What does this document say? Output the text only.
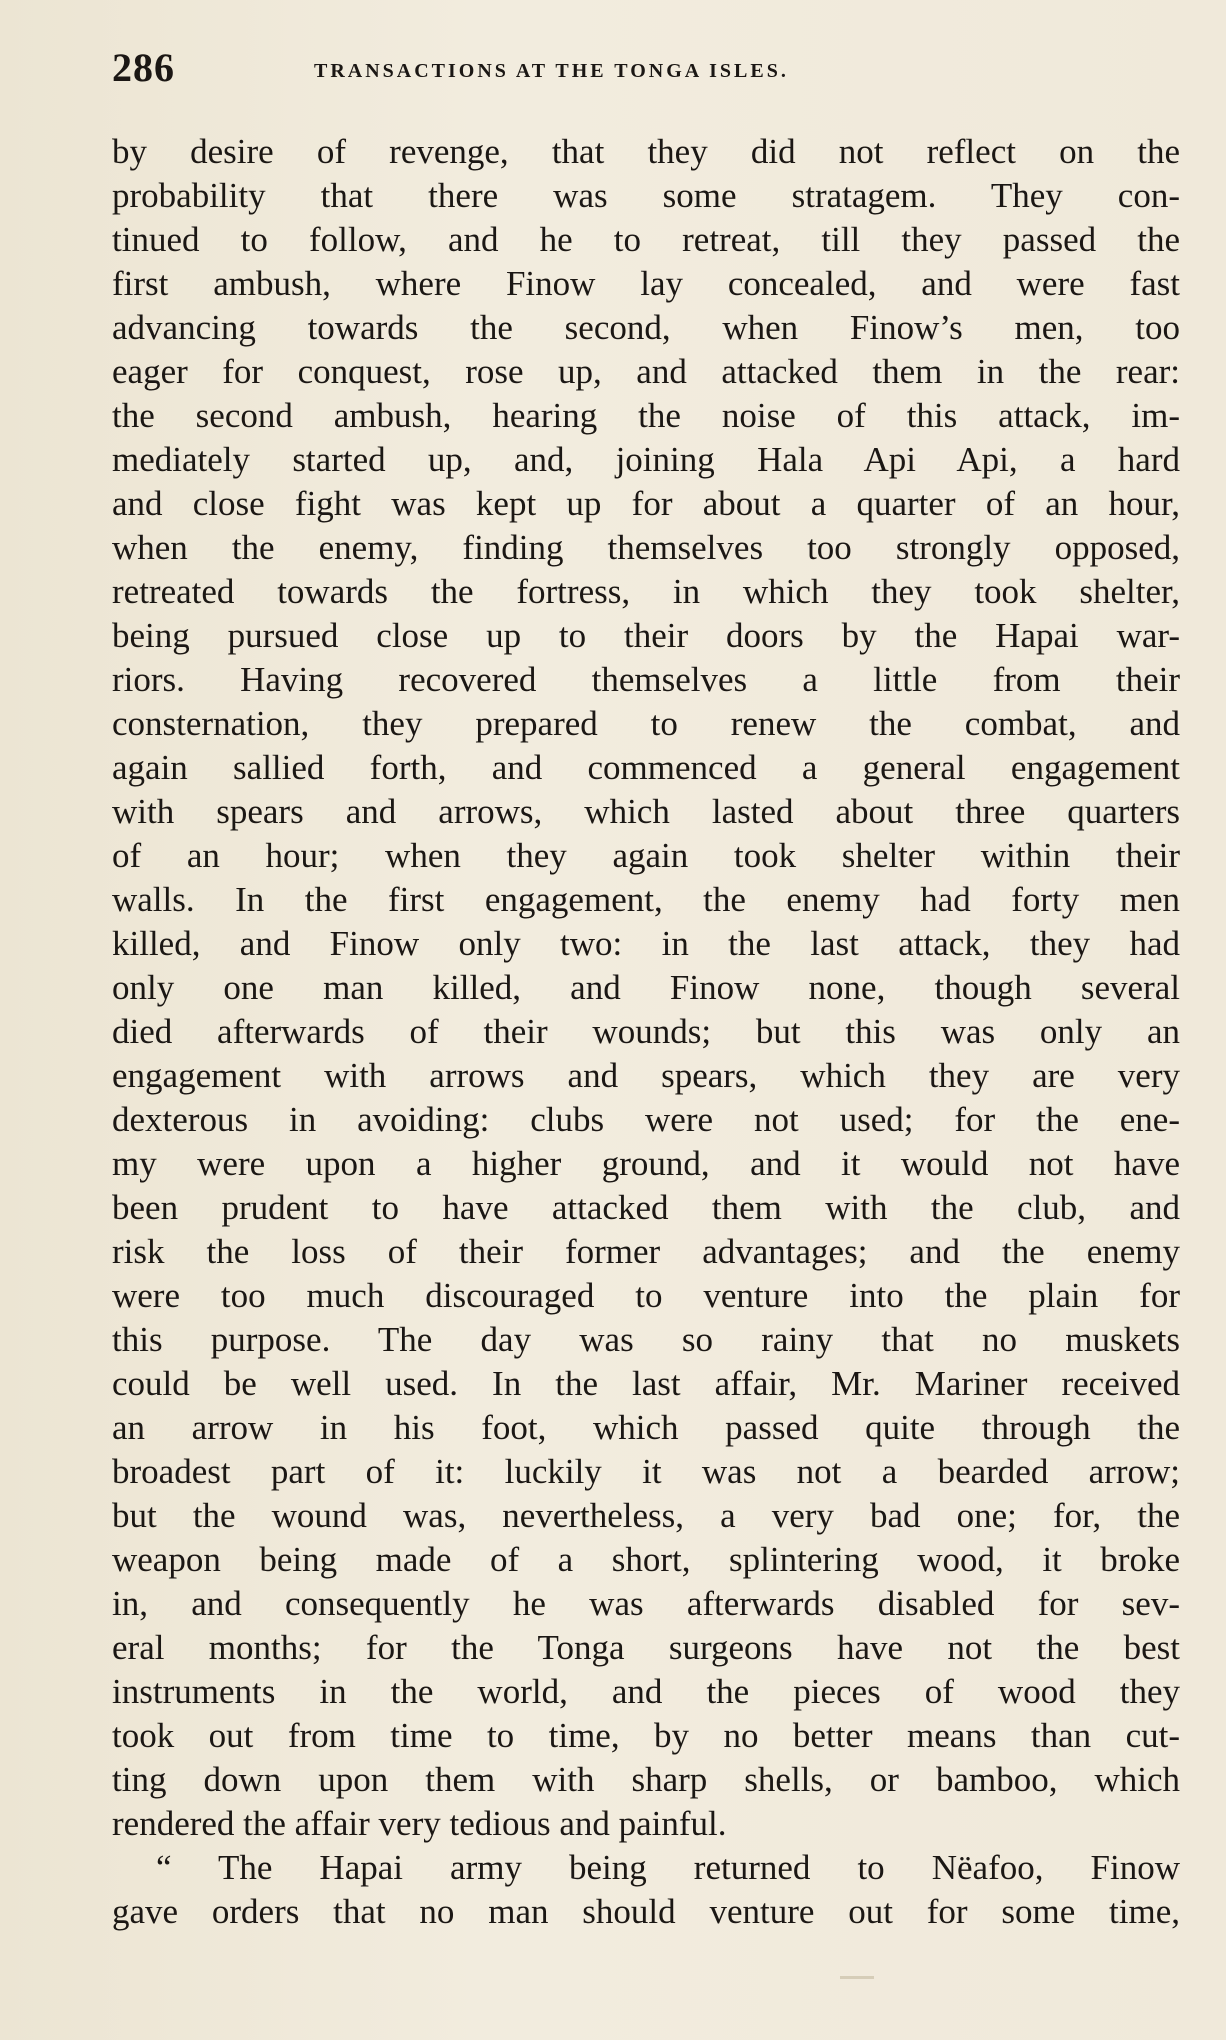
286	TRANSACTIONS AT THE TONGA ISLES.
by desire of revenge, that they did not reflect on the
probability that there was some stratagem. They con-
tinued to follow, and he to retreat, till they passed the
first ambush, where Finow lay concealed, and were fast
advancing towards the second, when Finow’s men, too
eager for conquest, rose up, and attacked them in the rear:
the second ambush, hearing the noise of this attack, im-
mediately started up, and, joining Hala Api Api, a hard
and close fight was kept up for about a quarter of an hour,
when the enemy, finding themselves too strongly opposed,
retreated towards the fortress, in which they took shelter,
being pursued close up to their doors by the Hapai war-
riors. Having recovered themselves a little from their
consternation, they prepared to renew the combat, and
again sallied forth, and commenced a general engagement
with spears and arrows, which lasted about three quarters
of an hour; when they again took shelter within their
walls. In the first engagement, the enemy had forty men
killed, and Finow only two: in the last attack, they had
only one man killed, and Finow none, though several
died afterwards of their wounds; but this was only an
engagement with arrows and spears, which they are very
dexterous in avoiding: clubs were not used; for the ene-
my were upon a higher ground, and it would not have
been prudent to have attacked them with the club, and
risk the loss of their former advantages; and the enemy
were too much discouraged to venture into the plain for
this purpose. The day was so rainy that no muskets
could be well used. In the last affair, Mr. Mariner received
an arrow in his foot, which passed quite through the
broadest part of it: luckily it was not a bearded arrow;
but the wound was, nevertheless, a very bad one; for, the
weapon being made of a short, splintering wood, it broke
in, and consequently he was afterwards disabled for sev-
eral months; for the Tonga surgeons have not the best
instruments in the world, and the pieces of wood they
took out from time to time, by no better means than cut-
ting down upon them with sharp shells, or bamboo, which
rendered the affair very tedious and painful.
“ The Hapai army being returned to Nëafoo, Finow
gave orders that no man should venture out for some time,
